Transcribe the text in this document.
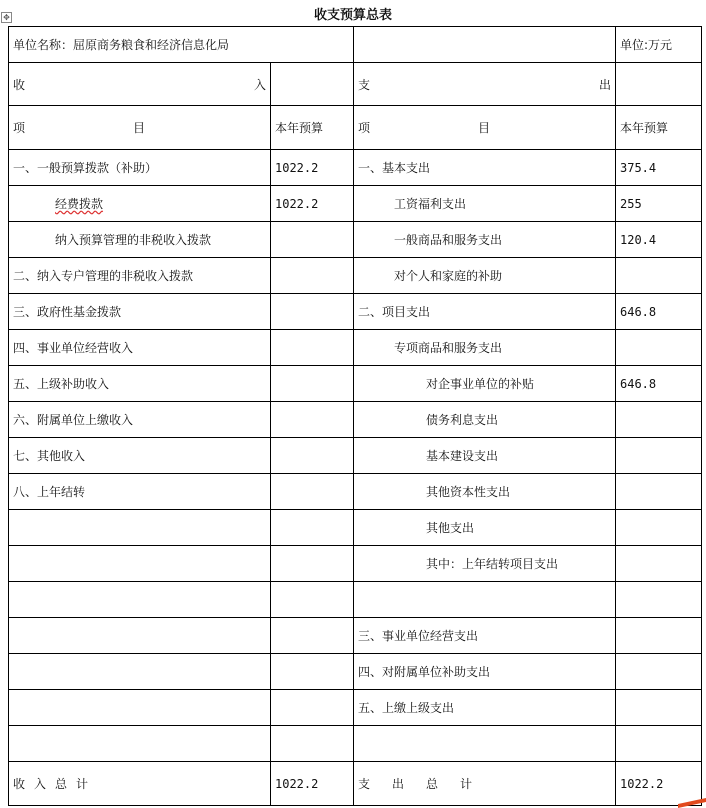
✥	收支预算总表
单位名称：屈原商务粮食和经济信息化局			单位:万元

收 入		支 出	

项 目	本年预算	项 目	本年预算
一、一般预算拨款（补助）	1022.2	一、基本支出	375.4
经费拨款	1022.2	工资福利支出	255
纳入预算管理的非税收入拨款		一般商品和服务支出	120.4
二、纳入专户管理的非税收入拨款		对个人和家庭的补助	
三、政府性基金拨款		二、项目支出	646.8
四、事业单位经营收入		专项商品和服务支出	
五、上级补助收入		对企事业单位的补贴	646.8
六、附属单位上缴收入		债务利息支出	
七、其他收入		基本建设支出	
八、上年结转		其他资本性支出	
		其他支出	
		其中：上年结转项目支出	

		三、事业单位经营支出	
		四、对附属单位补助支出	
		五、上缴上级支出	

收入总计	1022.2	支出总计	1022.2
